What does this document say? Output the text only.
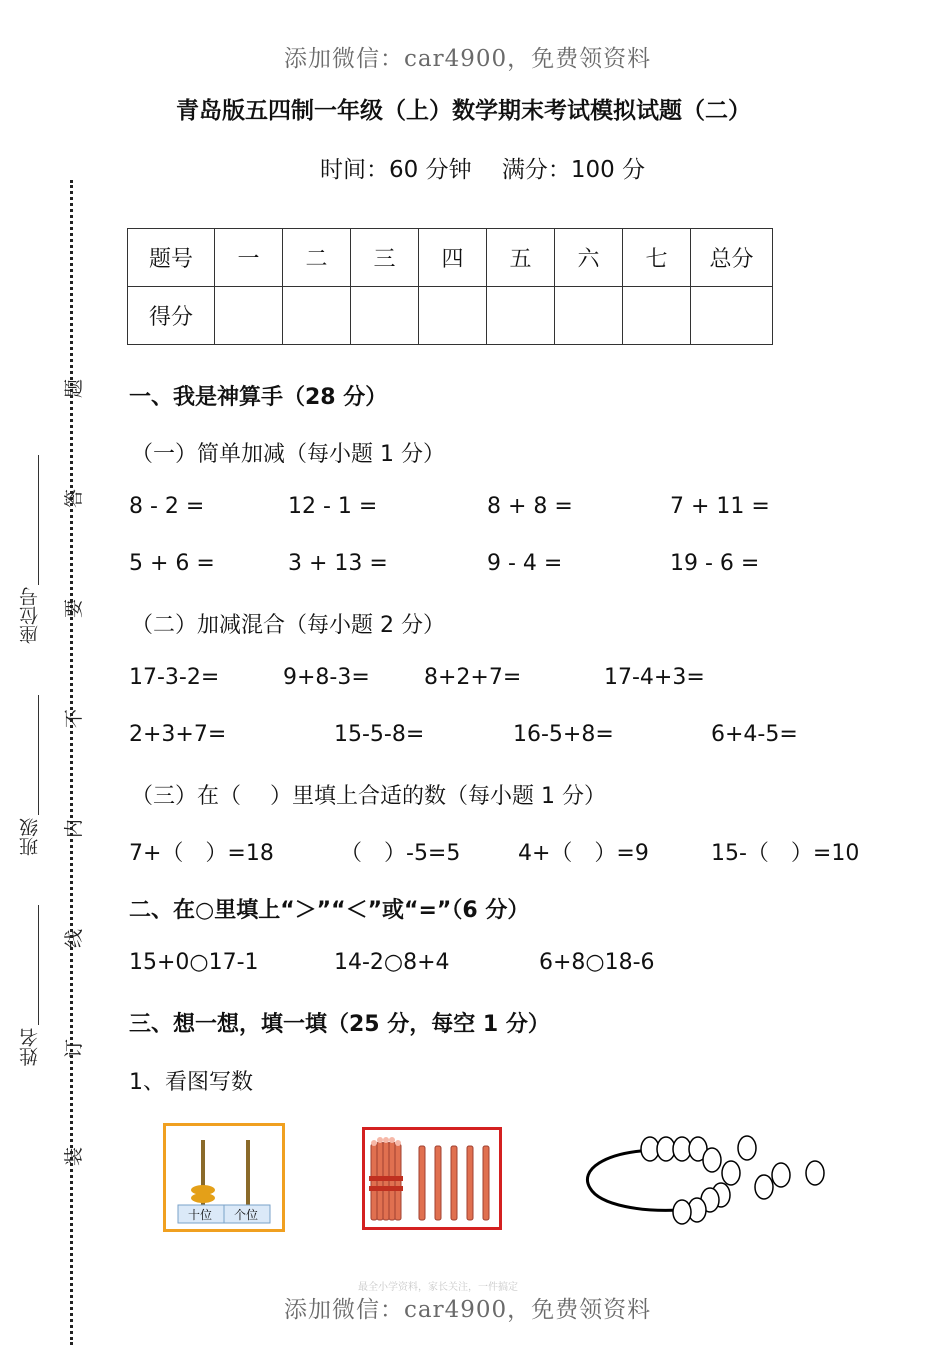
添加微信：car4900，免费领资料
添加微信：car4900，免费领资料
最全小学资料，家长关注，一件搞定
青岛版五四制一年级（上）数学期末考试模拟试题（二）
时间：60 分钟　 满分：100 分
题号	一	二	三	四	五	六	七	总分
得分								
座位号
班级
姓名
装
订
线
内
不
要
答
题 一、我是神算手（28 分）
（一）简单加减（每小题 1 分）
8 - 2 =	12 - 1 =	8 + 8 =	7 + 11 =
5 + 6 =	3 + 13 =	9 - 4 =	19 - 6 =
（二）加减混合（每小题 2 分）
17-3-2=	9+8-3= 8+2+7=	17-4+3=
2+3+7=	15-5-8=	16-5+8=	6+4-5=
（三）在（　 ）里填上合适的数（每小题 1 分）
7+（　）=18	（　）-5=5	4+（　）=9	15-（　）=10
二、在○里填上“＞”“＜”或“=”（6 分）
15+0○17-1	14-2○8+4	6+8○18-6
三、想一想，填一填（25 分，每空 1 分）
1、看图写数
十位 个位
